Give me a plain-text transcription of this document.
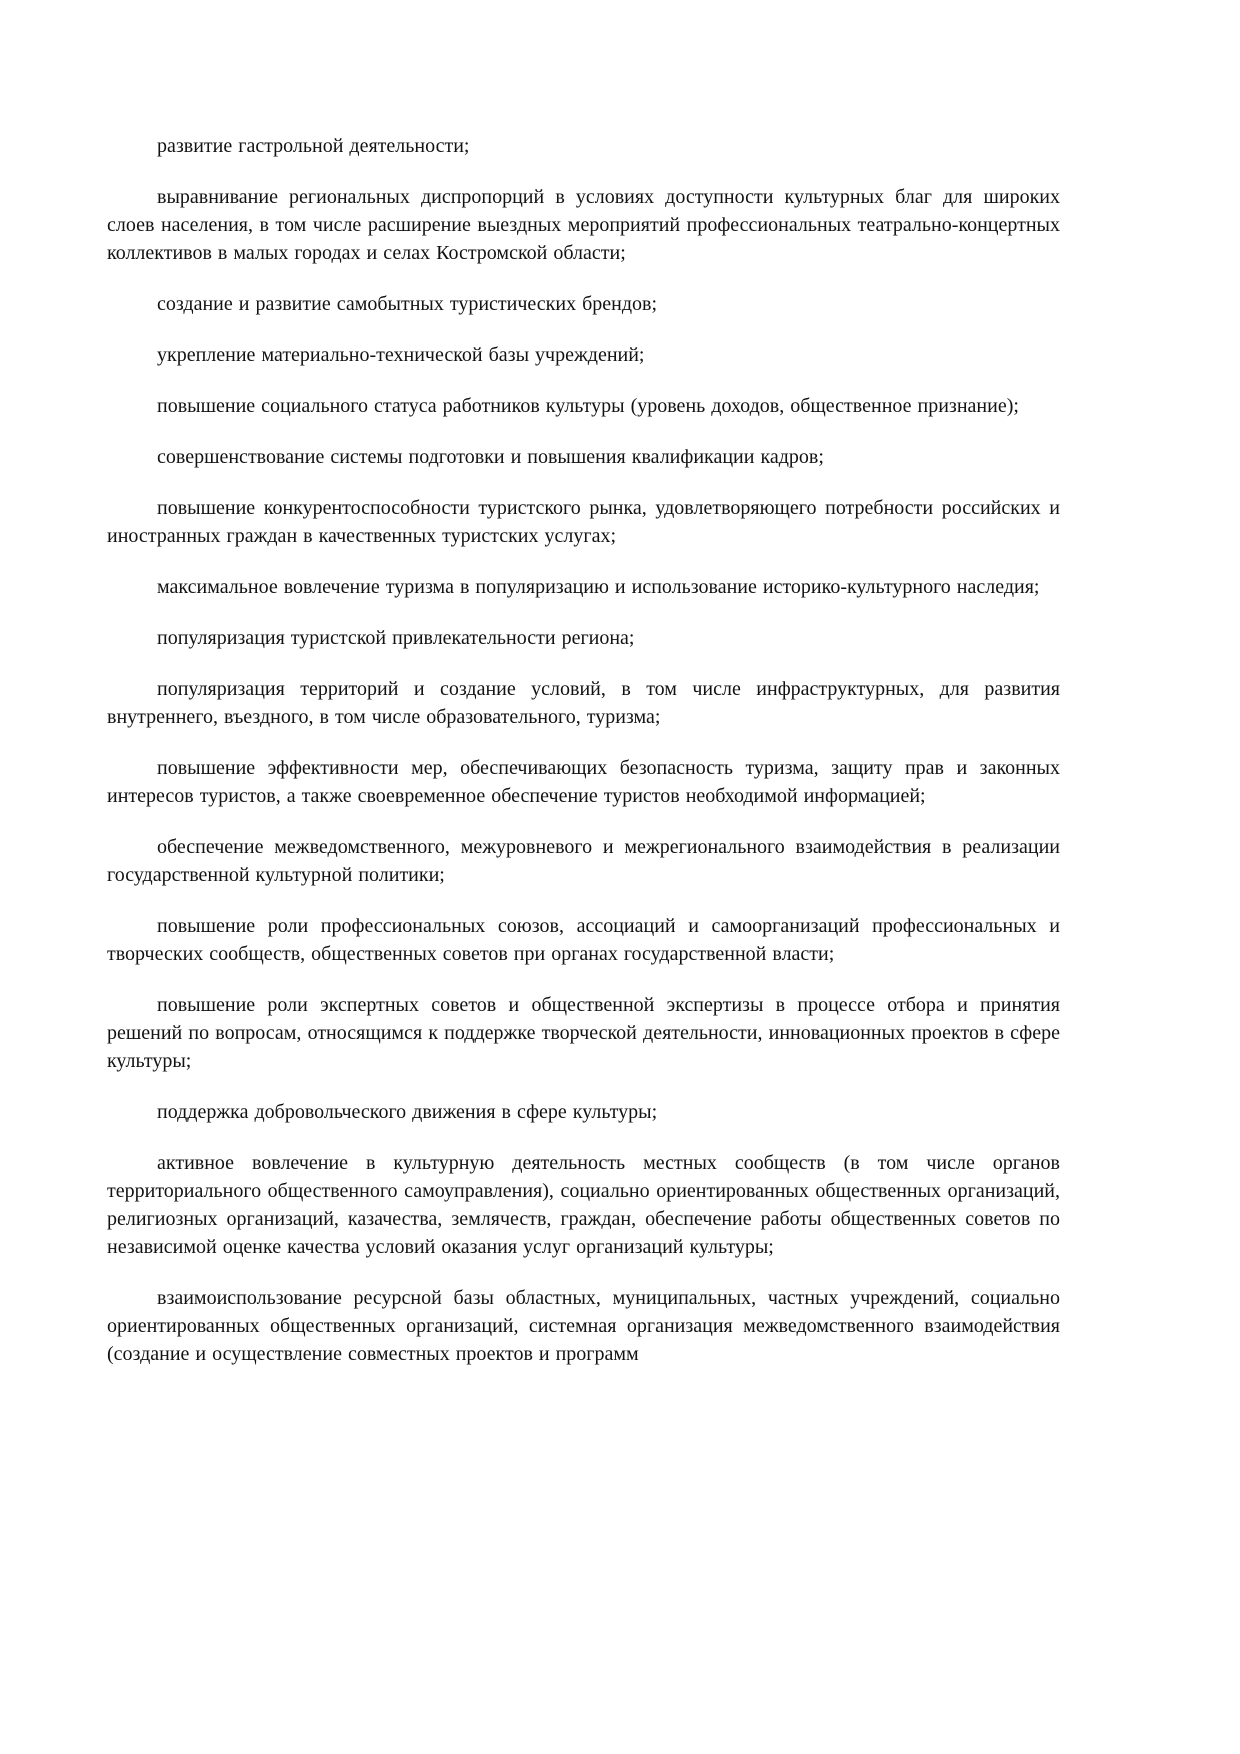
развитие гастрольной деятельности;

выравнивание региональных диспропорций в условиях доступности культурных благ для широких слоев населения, в том числе расширение выездных мероприятий профессиональных театрально-концертных коллективов в малых городах и селах Костромской области;

создание и развитие самобытных туристических брендов;

укрепление материально-технической базы учреждений;

повышение социального статуса работников культуры (уровень доходов, общественное признание);

совершенствование системы подготовки и повышения квалификации кадров;

повышение конкурентоспособности туристского рынка, удовлетворяющего потребности российских и иностранных граждан в качественных туристских услугах;

максимальное вовлечение туризма в популяризацию и использование историко-культурного наследия;

популяризация туристской привлекательности региона;

популяризация территорий и создание условий, в том числе инфраструктурных, для развития внутреннего, въездного, в том числе образовательного, туризма;

повышение эффективности мер, обеспечивающих безопасность туризма, защиту прав и законных интересов туристов, а также своевременное обеспечение туристов необходимой информацией;

обеспечение межведомственного, межуровневого и межрегионального взаимодействия в реализации государственной культурной политики;

повышение роли профессиональных союзов, ассоциаций и самоорганизаций профессиональных и творческих сообществ, общественных советов при органах государственной власти;

повышение роли экспертных советов и общественной экспертизы в процессе отбора и принятия решений по вопросам, относящимся к поддержке творческой деятельности, инновационных проектов в сфере культуры;

поддержка добровольческого движения в сфере культуры;

активное вовлечение в культурную деятельность местных сообществ (в том числе органов территориального общественного самоуправления), социально ориентированных общественных организаций, религиозных организаций, казачества, землячеств, граждан, обеспечение работы общественных советов по независимой оценке качества условий оказания услуг организаций культуры;

взаимоиспользование ресурсной базы областных, муниципальных, частных учреждений, социально ориентированных общественных организаций, системная организация межведомственного взаимодействия (создание и осуществление совместных проектов и программ
